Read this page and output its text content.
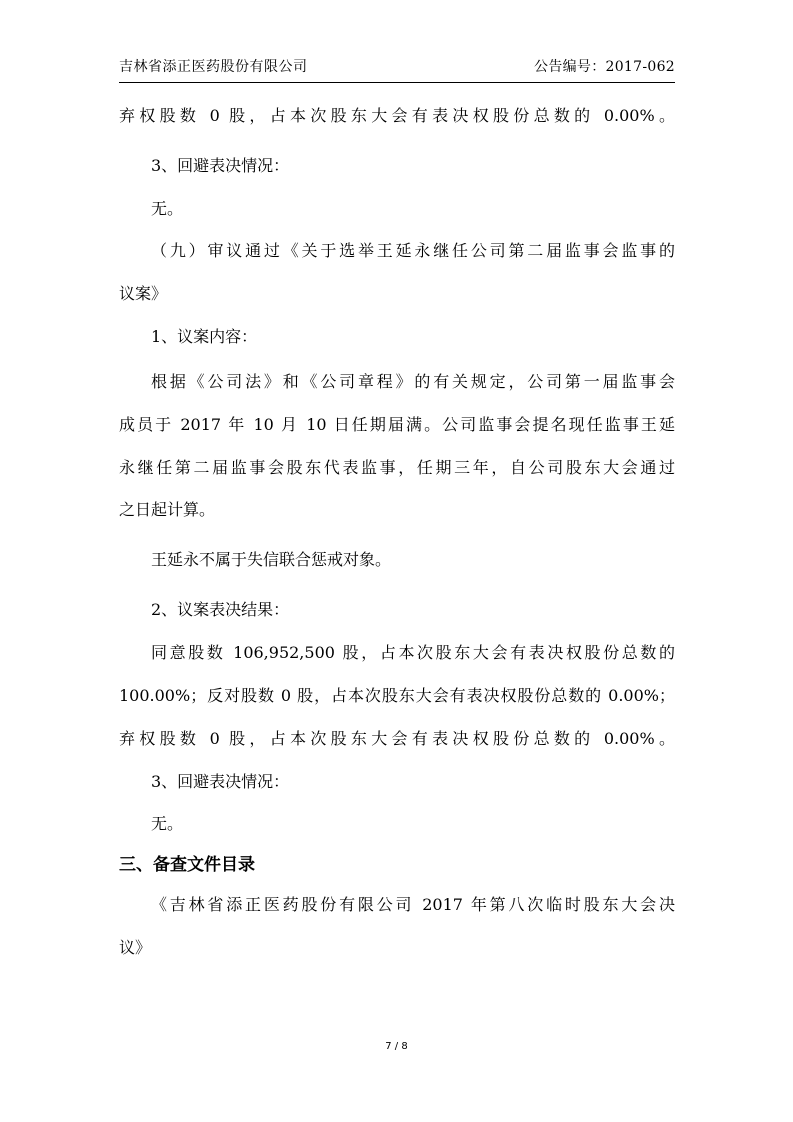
吉林省添正医药股份有限公司	公告编号：2017-062
弃权股数 0 股，占本次股东大会有表决权股份总数的 0.00%。
3、回避表决情况：
无。
（九）审议通过《关于选举王延永继任公司第二届监事会监事的
议案》
1、议案内容：
根据《公司法》和《公司章程》的有关规定，公司第一届监事会
成员于 2017 年 10 月 10 日任期届满。公司监事会提名现任监事王延
永继任第二届监事会股东代表监事，任期三年，自公司股东大会通过
之日起计算。
王延永不属于失信联合惩戒对象。
2、议案表决结果：
同意股数 106,952,500 股，占本次股东大会有表决权股份总数的
100.00%；反对股数 0 股，占本次股东大会有表决权股份总数的 0.00%；
弃权股数 0 股，占本次股东大会有表决权股份总数的 0.00%。
3、回避表决情况：
无。
三、备查文件目录
《吉林省添正医药股份有限公司 2017 年第八次临时股东大会决
议》
7 / 8
